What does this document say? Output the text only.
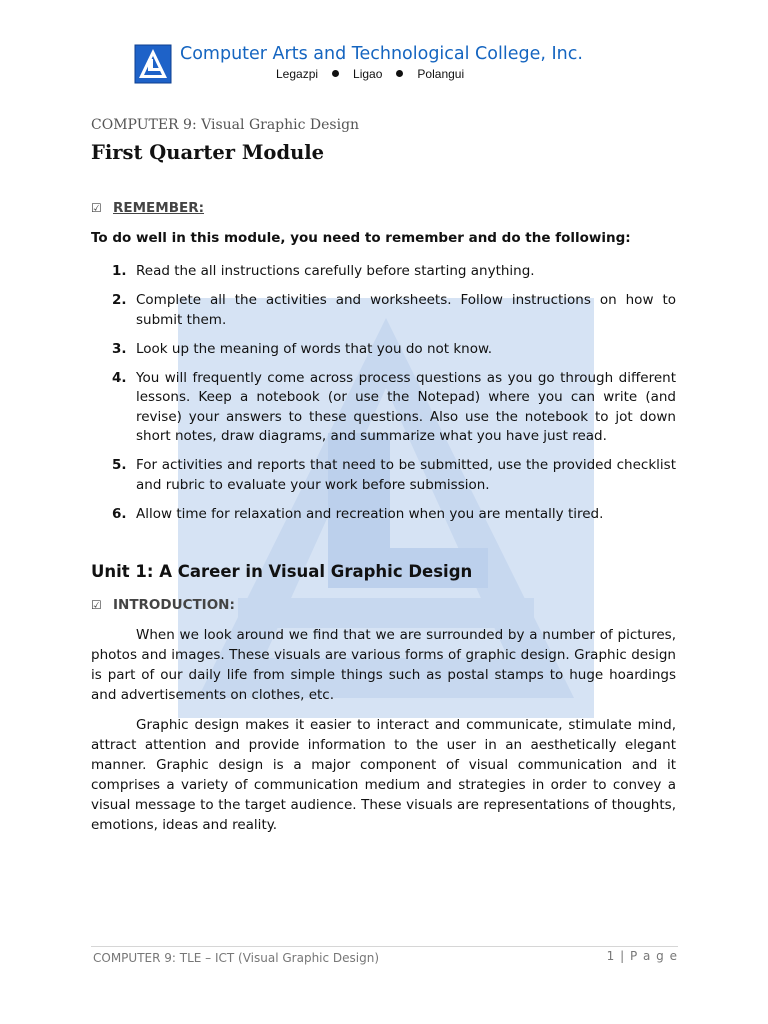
Computer Arts and Technological College, Inc.
Legazpi	Ligao	Polangui
COMPUTER 9: Visual Graphic Design
First Quarter Module
☑ REMEMBER:
To do well in this module, you need to remember and do the following:
1. Read the all instructions carefully before starting anything.
2. Complete all the activities and worksheets. Follow instructions on how to submit them.
3. Look up the meaning of words that you do not know.
4. You will frequently come across process questions as you go through different lessons. Keep a notebook (or use the Notepad) where you can write (and revise) your answers to these questions. Also use the notebook to jot down short notes, draw diagrams, and summarize what you have just read.
5. For activities and reports that need to be submitted, use the provided checklist and rubric to evaluate your work before submission.
6. Allow time for relaxation and recreation when you are mentally tired.
Unit 1: A Career in Visual Graphic Design
☑ INTRODUCTION:

When we look around we find that we are surrounded by a number of pictures, photos and images. These visuals are various forms of graphic design. Graphic design is part of our daily life from simple things such as postal stamps to huge hoardings and advertisements on clothes, etc.

Graphic design makes it easier to interact and communicate, stimulate mind, attract attention and provide information to the user in an aesthetically elegant manner. Graphic design is a major component of visual communication and it comprises a variety of communication medium and strategies in order to convey a visual message to the target audience. These visuals are representations of thoughts, emotions, ideas and reality.

COMPUTER 9: TLE – ICT (Visual Graphic Design)	1 | P a g e
